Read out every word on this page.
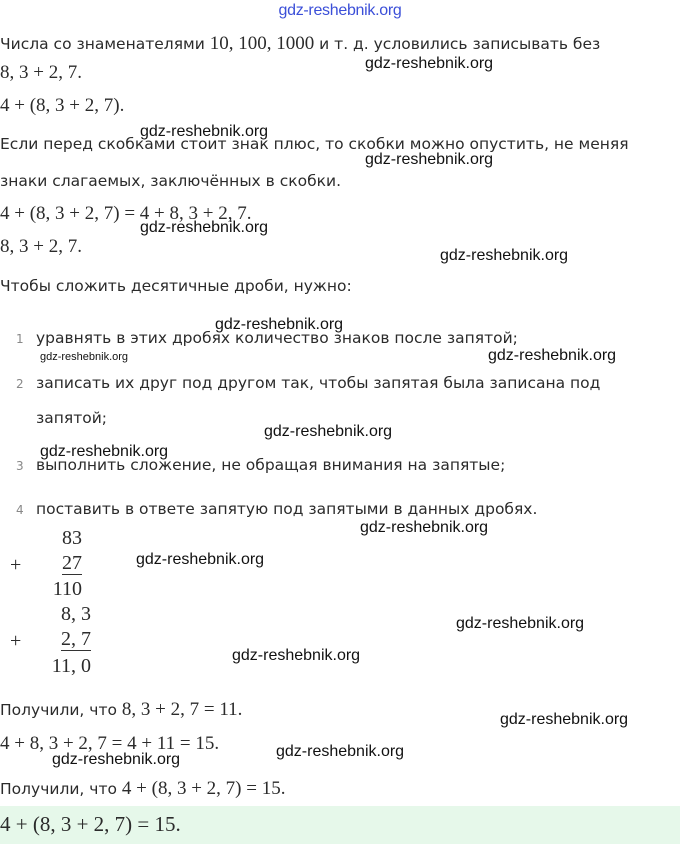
gdz-reshebnik.org
Числа со знаменателями 10, 100, 1000 и т. д. условились записывать без
8, 3 + 2, 7.
4 + (8, 3 + 2, 7).
Если перед скобками стоит знак плюс, то скобки можно опустить, не меняя
знаки слагаемых, заключённых в скобки.
4 + (8, 3 + 2, 7) = 4 + 8, 3 + 2, 7.
8, 3 + 2, 7.
Чтобы сложить десятичные дроби, нужно:
1 уравнять в этих дробях количество знаков после запятой;
2 записать их друг под другом так, чтобы запятая была записана под
запятой;
3 выполнить сложение, не обращая внимания на запятые;
4 поставить в ответе запятую под запятыми в данных дробях.
83
+	27
110
8, 3
+	2, 7
11, 0
Получили, что 8, 3 + 2, 7 = 11.
4 + 8, 3 + 2, 7 = 4 + 11 = 15.
Получили, что 4 + (8, 3 + 2, 7) = 15.
4 + (8, 3 + 2, 7) = 15.
gdz-reshebnik.org
gdz-reshebnik.org
gdz-reshebnik.org
gdz-reshebnik.org
gdz-reshebnik.org
gdz-reshebnik.org
gdz-reshebnik.org	gdz-reshebnik.org
gdz-reshebnik.org
gdz-reshebnik.org
gdz-reshebnik.org
gdz-reshebnik.org
gdz-reshebnik.org
gdz-reshebnik.org
gdz-reshebnik.org
gdz-reshebnik.org
gdz-reshebnik.org
